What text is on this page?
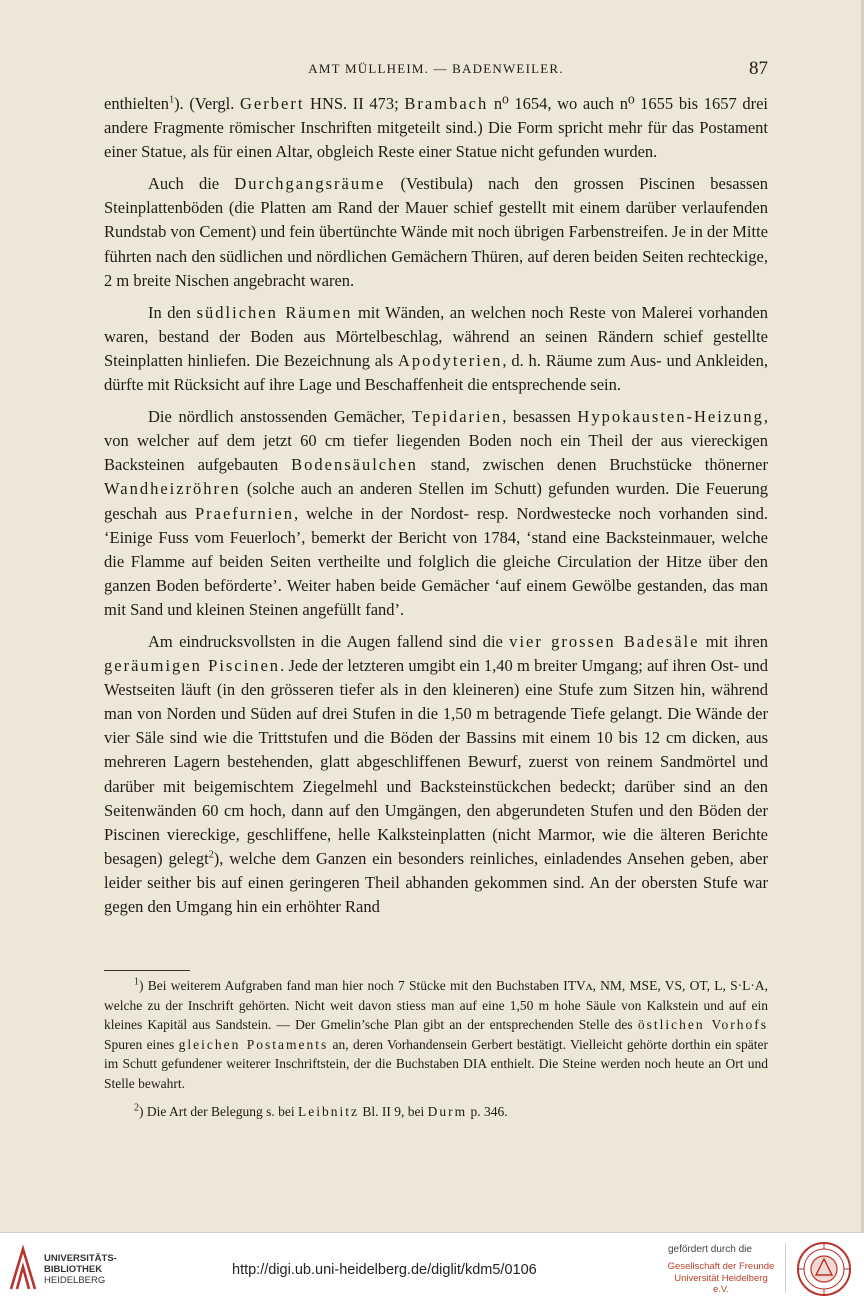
AMT MÜLLHEIM. — BADENWEILER.	87

enthielten$^1$). (Vergl. Gerbert HNS. II 473; Brambach n⁰ 1654, wo auch n⁰ 1655 bis 1657 drei andere Fragmente römischer Inschriften mitgeteilt sind.) Die Form spricht mehr für das Postament einer Statue, als für einen Altar, obgleich Reste einer Statue nicht gefunden wurden.

Auch die Durchgangsräume (Vestibula) nach den grossen Piscinen besassen Steinplattenböden (die Platten am Rand der Mauer schief gestellt mit einem darüber verlaufenden Rundstab von Cement) und fein übertünchte Wände mit noch übrigen Farbenstreifen. Je in der Mitte führten nach den südlichen und nördlichen Gemächern Thüren, auf deren beiden Seiten rechteckige, 2 m breite Nischen angebracht waren.

In den südlichen Räumen mit Wänden, an welchen noch Reste von Malerei vorhanden waren, bestand der Boden aus Mörtelbeschlag, während an seinen Rändern schief gestellte Steinplatten hinliefen. Die Bezeichnung als Apodyterien, d. h. Räume zum Aus- und Ankleiden, dürfte mit Rücksicht auf ihre Lage und Beschaffenheit die entsprechende sein.

Die nördlich anstossenden Gemächer, Tepidarien, besassen Hypokausten-Heizung, von welcher auf dem jetzt 60 cm tiefer liegenden Boden noch ein Theil der aus viereckigen Backsteinen aufgebauten Bodensäulchen stand, zwischen denen Bruchstücke thönerner Wandheizröhren (solche auch an anderen Stellen im Schutt) gefunden wurden. Die Feuerung geschah aus Praefurnien, welche in der Nordost- resp. Nordwestecke noch vorhanden sind. ‘Einige Fuss vom Feuerloch’, bemerkt der Bericht von 1784, ‘stand eine Backsteinmauer, welche die Flamme auf beiden Seiten vertheilte und folglich die gleiche Circulation der Hitze über den ganzen Boden beförderte’. Weiter haben beide Gemächer ‘auf einem Gewölbe gestanden, das man mit Sand und kleinen Steinen angefüllt fand’.

Am eindrucksvollsten in die Augen fallend sind die vier grossen Badesäle mit ihren geräumigen Piscinen. Jede der letzteren umgibt ein 1,40 m breiter Umgang; auf ihren Ost- und Westseiten läuft (in den grösseren tiefer als in den kleineren) eine Stufe zum Sitzen hin, während man von Norden und Süden auf drei Stufen in die 1,50 m betragende Tiefe gelangt. Die Wände der vier Säle sind wie die Trittstufen und die Böden der Bassins mit einem 10 bis 12 cm dicken, aus mehreren Lagern bestehenden, glatt abgeschliffenen Bewurf, zuerst von reinem Sandmörtel und darüber mit beigemischtem Ziegelmehl und Backsteinstückchen bedeckt; darüber sind an den Seitenwänden 60 cm hoch, dann auf den Umgängen, den abgerundeten Stufen und den Böden der Piscinen viereckige, geschliffene, helle Kalksteinplatten (nicht Marmor, wie die älteren Berichte besagen) gelegt$^2$), welche dem Ganzen ein besonders reinliches, einladendes Ansehen geben, aber leider seither bis auf einen geringeren Theil abhanden gekommen sind. An der obersten Stufe war gegen den Umgang hin ein erhöhter Rand

$^1$) Bei weiterem Aufgraben fand man hier noch 7 Stücke mit den Buchstaben ITVʌ, NM, MSE, VS, OT, L, S·L·A, welche zu der Inschrift gehörten. Nicht weit davon stiess man auf eine 1,50 m hohe Säule von Kalkstein und auf ein kleines Kapitäl aus Sandstein. — Der Gmelin’sche Plan gibt an der entsprechenden Stelle des östlichen Vorhofs Spuren eines gleichen Postaments an, deren Vorhandensein Gerbert bestätigt. Vielleicht gehörte dorthin ein später im Schutt gefundener weiterer Inschriftstein, der die Buchstaben DIA enthielt. Die Steine werden noch heute an Ort und Stelle bewahrt.

$^2$) Die Art der Belegung s. bei Leibnitz Bl. II 9, bei Durm p. 346.

UNIVERSITÄTS-
BIBLIOTHEK
HEIDELBERG
http://digi.ub.uni-heidelberg.de/diglit/kdm5/0106
gefördert durch die
Gesellschaft der Freunde
Universität Heidelberg e.V.
